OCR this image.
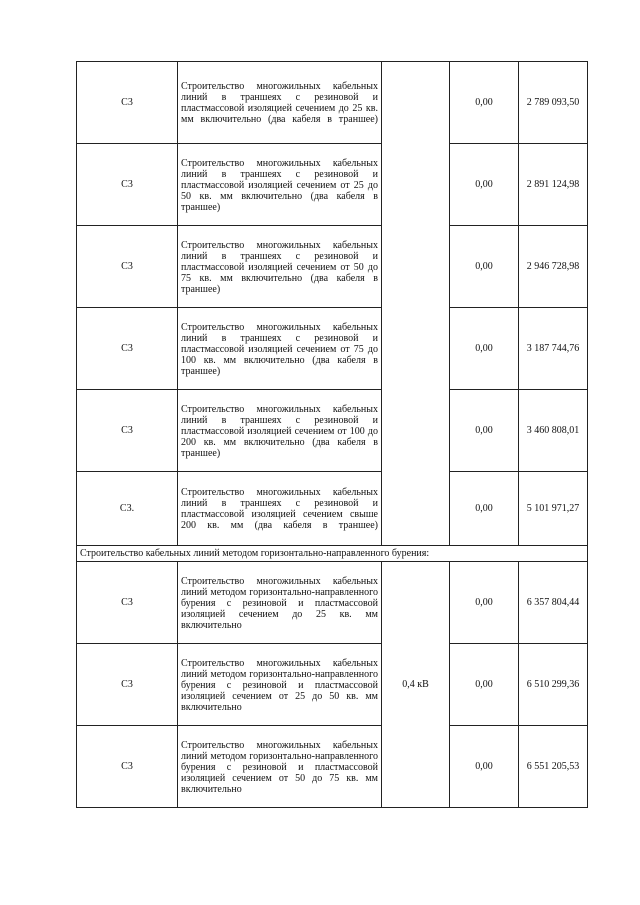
С3	Строительство многожильных кабельных линий в траншеях с резиновой и пластмассовой изоляцией сечением до 25 кв. мм включительно (два кабеля в траншее)		0,00	2 789 093,50
С3	Строительство многожильных кабельных линий в траншеях с резиновой и пластмассовой изоляцией сечением от 25 до 50 кв. мм включительно (два кабеля в траншее)		0,00	2 891 124,98
С3	Строительство многожильных кабельных линий в траншеях с резиновой и пластмассовой изоляцией сечением от 50 до 75 кв. мм включительно (два кабеля в траншее)		0,00	2 946 728,98
С3	Строительство многожильных кабельных линий в траншеях с резиновой и пластмассовой изоляцией сечением от 75 до 100 кв. мм включительно (два кабеля в траншее)		0,00	3 187 744,76
С3	Строительство многожильных кабельных линий в траншеях с резиновой и пластмассовой изоляцией сечением от 100 до 200 кв. мм включительно (два кабеля в траншее)		0,00	3 460 808,01
С3.	Строительство многожильных кабельных линий в траншеях с резиновой и пластмассовой изоляцией сечением свыше 200 кв. мм (два кабеля в траншее)		0,00	5 101 971,27
Строительство кабельных линий методом горизонтально-направленного бурения:				
С3	Строительство многожильных кабельных линий методом горизонтально-направленного бурения с резиновой и пластмассовой изоляцией сечением до 25 кв. мм включительно	0,4 кВ	0,00	6 357 804,44
С3	Строительство многожильных кабельных линий методом горизонтально-направленного бурения с резиновой и пластмассовой изоляцией сечением от 25 до 50 кв. мм включительно		0,00	6 510 299,36
С3	Строительство многожильных кабельных линий методом горизонтально-направленного бурения с резиновой и пластмассовой изоляцией сечением от 50 до 75 кв. мм включительно		0,00	6 551 205,53
